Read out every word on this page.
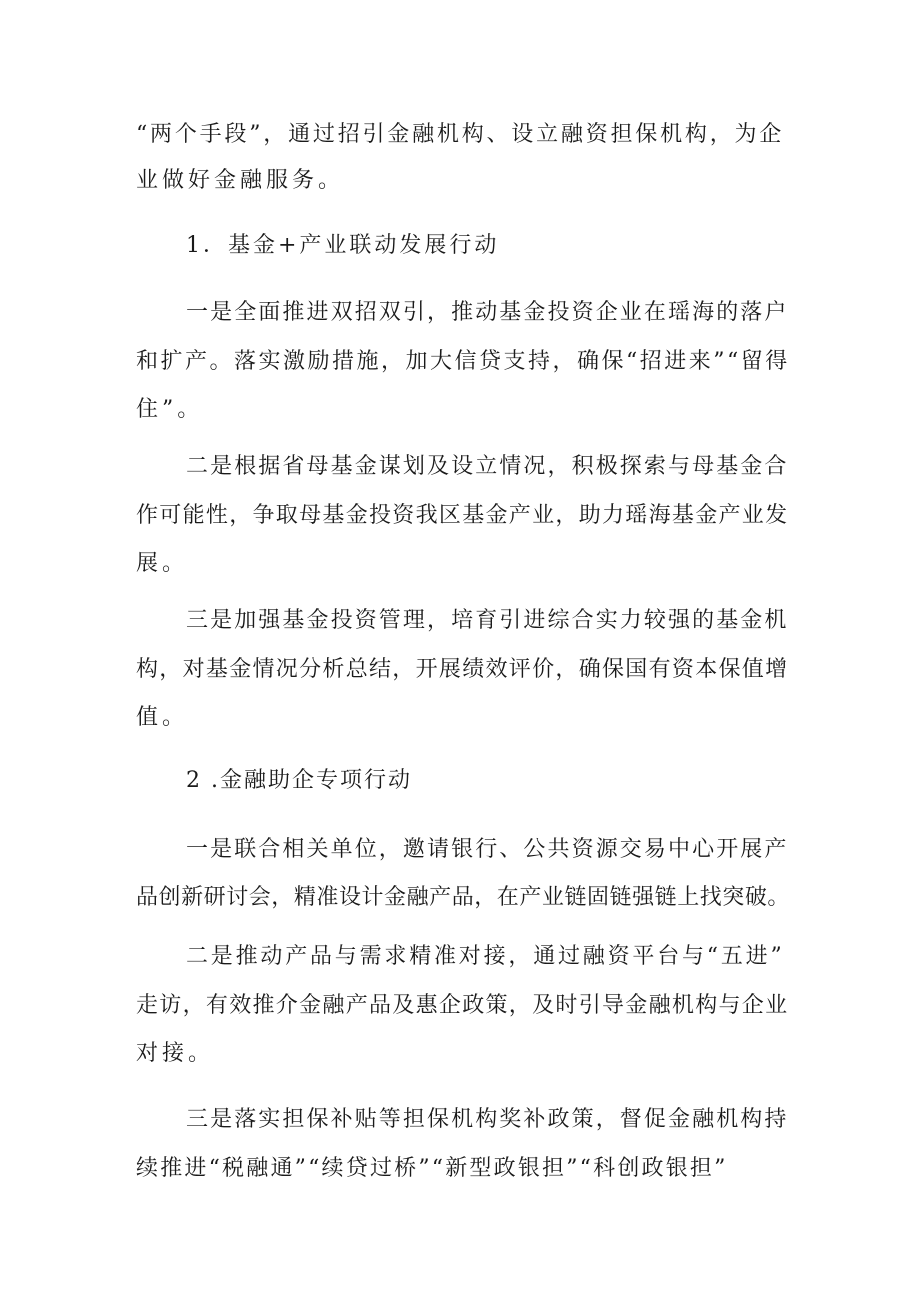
“两个手段”，通过招引金融机构、设立融资担保机构，为企
业做好金融服务。
1．基金+产业联动发展行动
一是全面推进双招双引，推动基金投资企业在瑶海的落户
和扩产。落实激励措施，加大信贷支持，确保“招进来”“留得
住”。
二是根据省母基金谋划及设立情况，积极探索与母基金合
作可能性，争取母基金投资我区基金产业，助力瑶海基金产业发
展。
三是加强基金投资管理，培育引进综合实力较强的基金机
构，对基金情况分析总结，开展绩效评价，确保国有资本保值增
值。
2 .金融助企专项行动
一是联合相关单位，邀请银行、公共资源交易中心开展产
品创新研讨会，精准设计金融产品，在产业链固链强链上找突破。
二是推动产品与需求精准对接，通过融资平台与“五进”
走访，有效推介金融产品及惠企政策，及时引导金融机构与企业
对接。
三是落实担保补贴等担保机构奖补政策，督促金融机构持
续推进“税融通”“续贷过桥”“新型政银担”“科创政银担”
